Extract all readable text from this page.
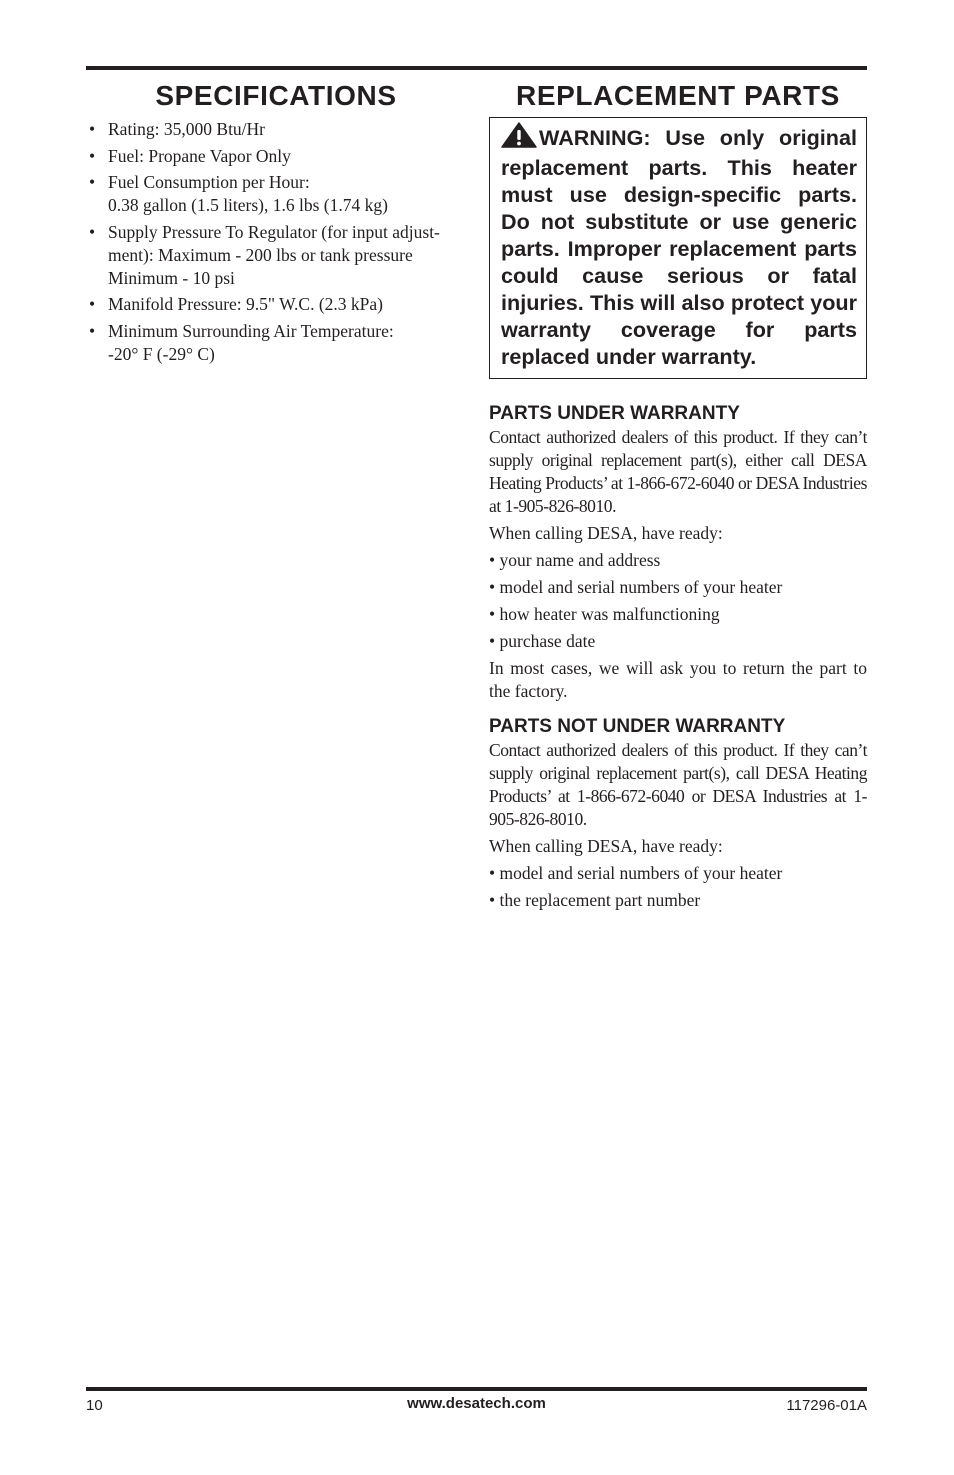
SPECIFICATIONS
• Rating: 35,000 Btu/Hr
• Fuel: Propane Vapor Only
• Fuel Consumption per Hour:
0.38 gallon (1.5 liters), 1.6 lbs (1.74 kg)
• Supply Pressure To Regulator (for input adjust-
ment): Maximum - 200 lbs or tank pressure
Minimum - 10 psi
• Manifold Pressure: 9.5" W.C. (2.3 kPa)
• Minimum Surrounding Air Temperature:
-20° F (-29° C)
REPLACEMENT PARTS
WARNING: Use only original replacement parts. This heater must use design-specific parts. Do not substitute or use generic parts. Improper replacement parts could cause serious or fatal injuries. This will also protect your warranty coverage for parts replaced under warranty.
PARTS UNDER WARRANTY

Contact authorized dealers of this product. If they can’t supply original replacement part(s), either call DESA Heating Products’ at 1-866-672-6040 or DESA Industries at 1-905-826-8010.

When calling DESA, have ready:

• your name and address

• model and serial numbers of your heater

• how heater was malfunctioning

• purchase date

In most cases, we will ask you to return the part to the factory.

PARTS NOT UNDER WARRANTY

Contact authorized dealers of this product. If they can’t supply original replacement part(s), call DESA Heating Products’ at 1-866-672-6040 or DESA Industries at 1-905-826-8010.

When calling DESA, have ready:

• model and serial numbers of your heater

• the replacement part number

10	www.desatech.com	117296-01A
